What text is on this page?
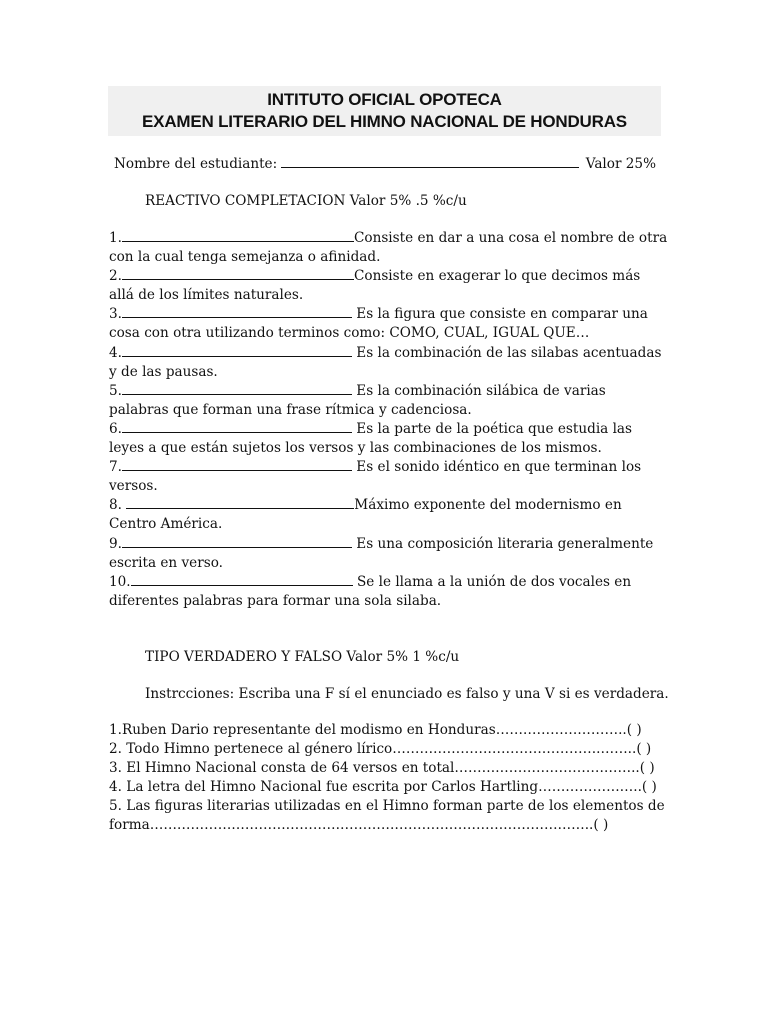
INTITUTO OFICIAL OPOTECA
EXAMEN LITERARIO DEL HIMNO NACIONAL DE HONDURAS
Nombre del estudiante:	Valor 25%
REACTIVO COMPLETACION Valor 5% .5 %c/u
1.	Consiste en dar a una cosa el nombre de otra
con la cual tenga semejanza o afinidad.
2.	Consiste en exagerar lo que decimos más
allá de los límites naturales.
3.	Es la figura que consiste en comparar una
cosa con otra utilizando terminos como: COMO, CUAL, IGUAL QUE…
4.	Es la combinación de las silabas acentuadas
y de las pausas.
5.	Es la combinación silábica de varias
palabras que forman una frase rítmica y cadenciosa.
6.	Es la parte de la poética que estudia las
leyes a que están sujetos los versos y las combinaciones de los mismos.
7.	Es el sonido idéntico en que terminan los
versos.
8.	Máximo exponente del modernismo en
Centro América.
9.	Es una composición literaria generalmente
escrita en verso.
10.	Se le llama a la unión de dos vocales en
diferentes palabras para formar una sola silaba.
TIPO VERDADERO Y FALSO Valor 5% 1 %c/u
Instrcciones: Escriba una F sí el enunciado es falso y una V si es verdadera.
1.Ruben Dario representante del modismo en Honduras………………………..( )
2. Todo Himno pertenece al género lírico……………………………………….……..( )
3. El Himno Nacional consta de 64 versos en total…………………………………..( )
4. La letra del Himno Nacional fue escrita por Carlos Hartling…………………..( )
5. Las figuras literarias utilizadas en el Himno forman parte de los elementos de
forma……………………………………………………………………………………..( )
